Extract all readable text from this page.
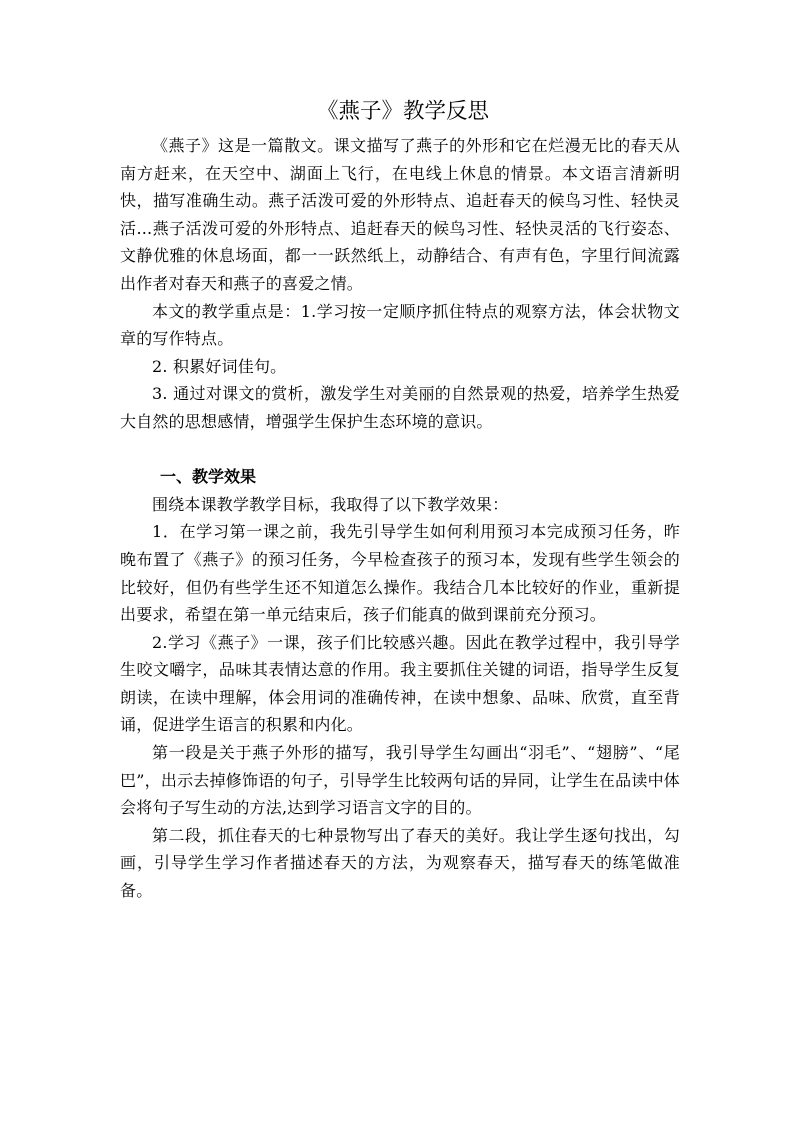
《燕子》教学反思

《燕子》这是一篇散文。课文描写了燕子的外形和它在烂漫无比的春天从南方赶来，在天空中、湖面上飞行，在电线上休息的情景。本文语言清新明快，描写准确生动。燕子活泼可爱的外形特点、追赶春天的候鸟习性、轻快灵活...燕子活泼可爱的外形特点、追赶春天的候鸟习性、轻快灵活的飞行姿态、文静优雅的休息场面，都一一跃然纸上，动静结合、有声有色，字里行间流露出作者对春天和燕子的喜爱之情。

本文的教学重点是：1.学习按一定顺序抓住特点的观察方法，体会状物文章的写作特点。

2. 积累好词佳句。

3. 通过对课文的赏析，激发学生对美丽的自然景观的热爱，培养学生热爱大自然的思想感情，增强学生保护生态环境的意识。

一、教学效果

围绕本课教学教学目标，我取得了以下教学效果：

1．在学习第一课之前，我先引导学生如何利用预习本完成预习任务，昨晚布置了《燕子》的预习任务，今早检查孩子的预习本，发现有些学生领会的比较好，但仍有些学生还不知道怎么操作。我结合几本比较好的作业，重新提出要求，希望在第一单元结束后，孩子们能真的做到课前充分预习。

2.学习《燕子》一课，孩子们比较感兴趣。因此在教学过程中，我引导学生咬文嚼字，品味其表情达意的作用。我主要抓住关键的词语，指导学生反复朗读，在读中理解，体会用词的准确传神，在读中想象、品味、欣赏，直至背诵，促进学生语言的积累和内化。

第一段是关于燕子外形的描写，我引导学生勾画出“羽毛”、“翅膀”、“尾巴”，出示去掉修饰语的句子，引导学生比较两句话的异同，让学生在品读中体会将句子写生动的方法,达到学习语言文字的目的。

第二段，抓住春天的七种景物写出了春天的美好。我让学生逐句找出，勾画，引导学生学习作者描述春天的方法，为观察春天，描写春天的练笔做准备。
